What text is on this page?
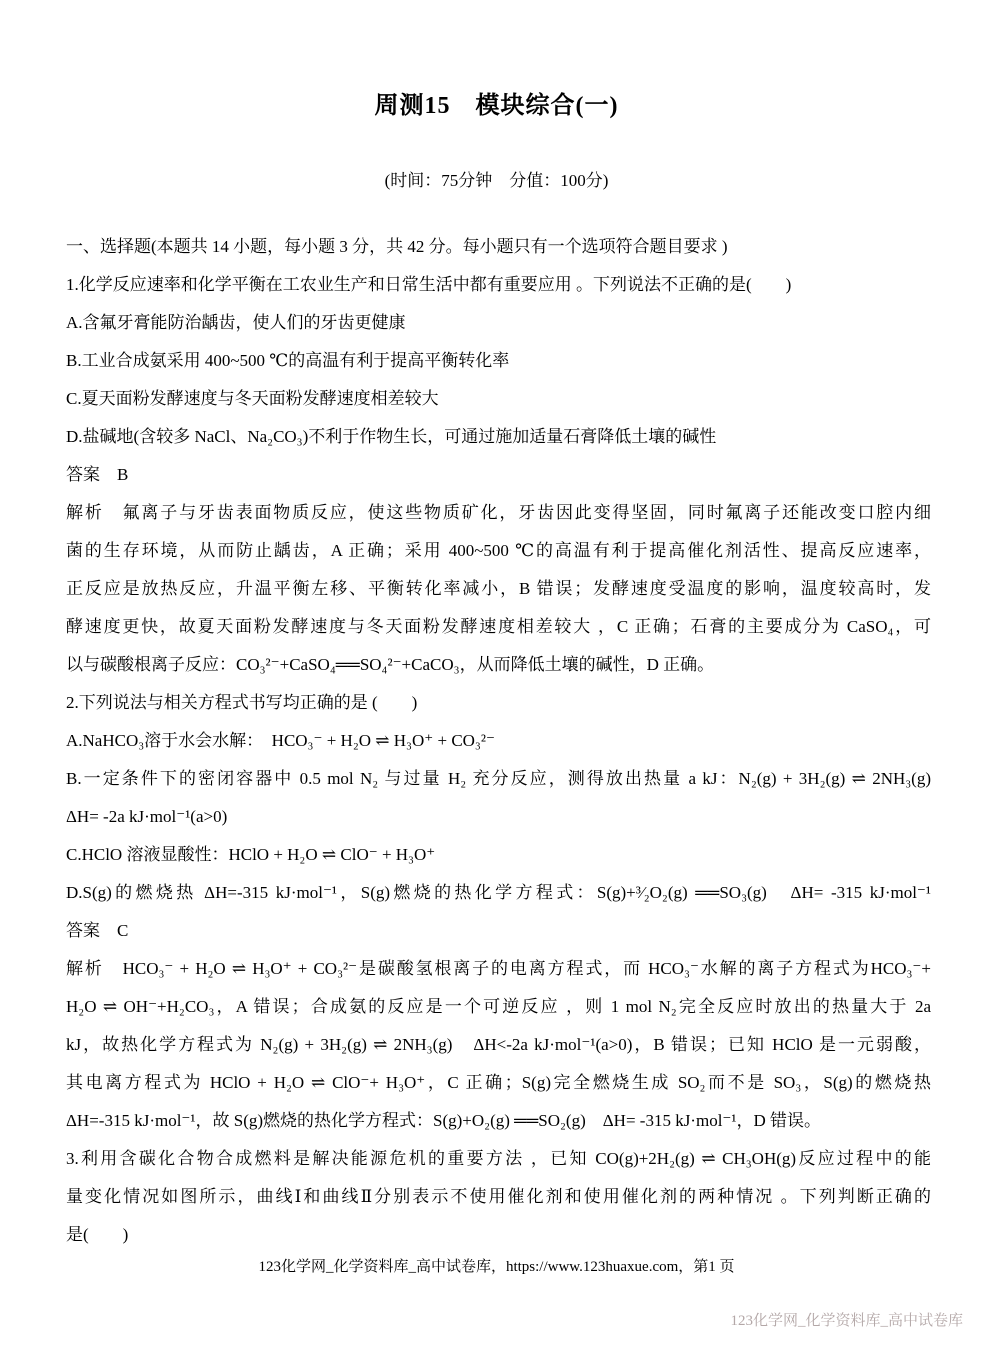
周测15　模块综合(一)

(时间：75分钟　分值：100分)

一、选择题(本题共 14 小题，每小题 3 分，共 42 分。每小题只有一个选项符合题目要求 )

1.化学反应速率和化学平衡在工农业生产和日常生活中都有重要应用 。下列说法不正确的是(　　)

A.含氟牙膏能防治龋齿，使人们的牙齿更健康

B.工业合成氨采用 400~500 ℃的高温有利于提高平衡转化率

C.夏天面粉发酵速度与冬天面粉发酵速度相差较大

D.盐碱地(含较多 NaCl、Na₂CO₃)不利于作物生长，可通过施加适量石膏降低土壤的碱性

答案　B

解析　氟离子与牙齿表面物质反应，使这些物质矿化，牙齿因此变得坚固，同时氟离子还能改变口腔内细

菌的生存环境，从而防止龋齿，A 正确；采用 400~500 ℃的高温有利于提高催化剂活性、提高反应速率，

正反应是放热反应，升温平衡左移、平衡转化率减小，B 错误；发酵速度受温度的影响，温度较高时，发

酵速度更快，故夏天面粉发酵速度与冬天面粉发酵速度相差较大 ，C 正确；石膏的主要成分为 CaSO₄，可

以与碳酸根离子反应：CO₃²⁻+CaSO₄══SO₄²⁻+CaCO₃，从而降低土壤的碱性，D 正确。

2.下列说法与相关方程式书写均正确的是 (　　)

A.NaHCO₃溶于水会水解：　HCO₃⁻ + H₂O ⇌ H₃O⁺ + CO₃²⁻

B.一定条件下的密闭容器中 0.5 mol N₂ 与过量 H₂ 充分反应，测得放出热量 a kJ：N₂(g) + 3H₂(g) ⇌ 2NH₃(g)

ΔH= -2a kJ·mol⁻¹(a>0)

C.HClO 溶液显酸性：HClO + H₂O ⇌ ClO⁻ + H₃O⁺

D.S(g)的燃烧热 ΔH=-315 kJ·mol⁻¹，S(g)燃烧的热化学方程式：S(g)+³⁄₂O₂(g) ══SO₃(g)　ΔH= -315 kJ·mol⁻¹

答案　C

解析　HCO₃⁻ + H₂O ⇌ H₃O⁺ + CO₃²⁻是碳酸氢根离子的电离方程式，而 HCO₃⁻水解的离子方程式为HCO₃⁻+

H₂O ⇌ OH⁻+H₂CO₃，A 错误；合成氨的反应是一个可逆反应 ，则 1 mol N₂完全反应时放出的热量大于 2a

kJ，故热化学方程式为 N₂(g) + 3H₂(g) ⇌ 2NH₃(g)　ΔH<-2a kJ·mol⁻¹(a>0)，B 错误；已知 HClO 是一元弱酸，

其电离方程式为 HClO + H₂O ⇌ ClO⁻+ H₃O⁺，C 正确；S(g)完全燃烧生成 SO₂而不是 SO₃，S(g)的燃烧热

ΔH=-315 kJ·mol⁻¹，故 S(g)燃烧的热化学方程式：S(g)+O₂(g) ══SO₂(g)　ΔH= -315 kJ·mol⁻¹，D 错误。

3.利用含碳化合物合成燃料是解决能源危机的重要方法 ，已知 CO(g)+2H₂(g) ⇌ CH₃OH(g)反应过程中的能

量变化情况如图所示，曲线Ⅰ和曲线Ⅱ分别表示不使用催化剂和使用催化剂的两种情况 。下列判断正确的

是(　　)

123化学网_化学资料库_高中试卷库，https://www.123huaxue.com，第1 页
123化学网_化学资料库_高中试卷库
